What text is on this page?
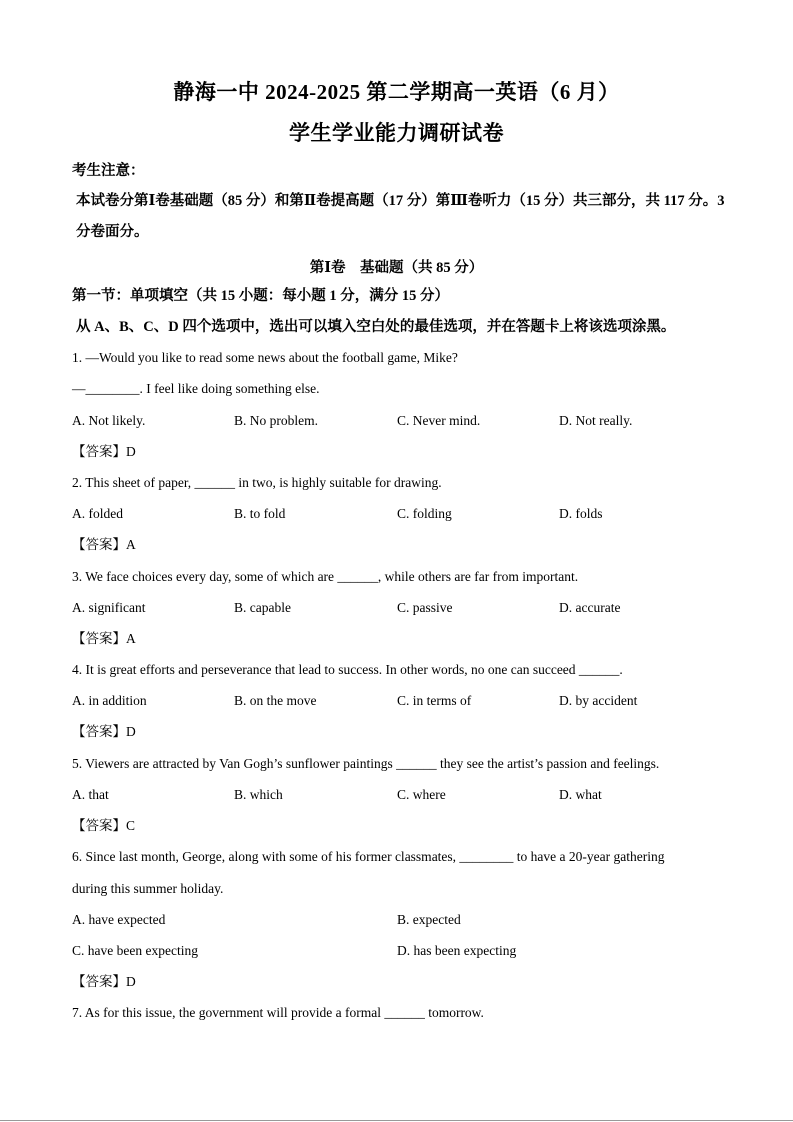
静海一中 2024-2025 第二学期高一英语（6 月）
学生学业能力调研试卷
考生注意：
本试卷分第Ⅰ卷基础题（85 分）和第Ⅱ卷提高题（17 分）第Ⅲ卷听力（15 分）共三部分，共 117 分。3 分卷面分。
第Ⅰ卷　基础题（共 85 分）
第一节：单项填空（共 15 小题：每小题 1 分，满分 15 分）
从 A、B、C、D 四个选项中，选出可以填入空白处的最佳选项，并在答题卡上将该选项涂黑。
1. —Would you like to read some news about the football game, Mike?
—________. I feel like doing something else.
A. Not likely.	B. No problem.	C. Never mind.	D. Not really.
【答案】D
2. This sheet of paper, ______ in two, is highly suitable for drawing.
A. folded	B. to fold	C. folding	D. folds
【答案】A
3. We face choices every day, some of which are ______, while others are far from important.
A. significant	B. capable	C. passive	D. accurate
【答案】A
4. It is great efforts and perseverance that lead to success. In other words, no one can succeed ______.
A. in addition	B. on the move	C. in terms of	D. by accident
【答案】D
5. Viewers are attracted by Van Gogh’s sunflower paintings ______ they see the artist’s passion and feelings.
A. that	B. which	C. where	D. what
【答案】C
6. Since last month, George, along with some of his former classmates, ________ to have a 20-year gathering
during this summer holiday.
A. have expected	B. expected
C. have been expecting	D. has been expecting
【答案】D
7. As for this issue, the government will provide a formal ______ tomorrow.
